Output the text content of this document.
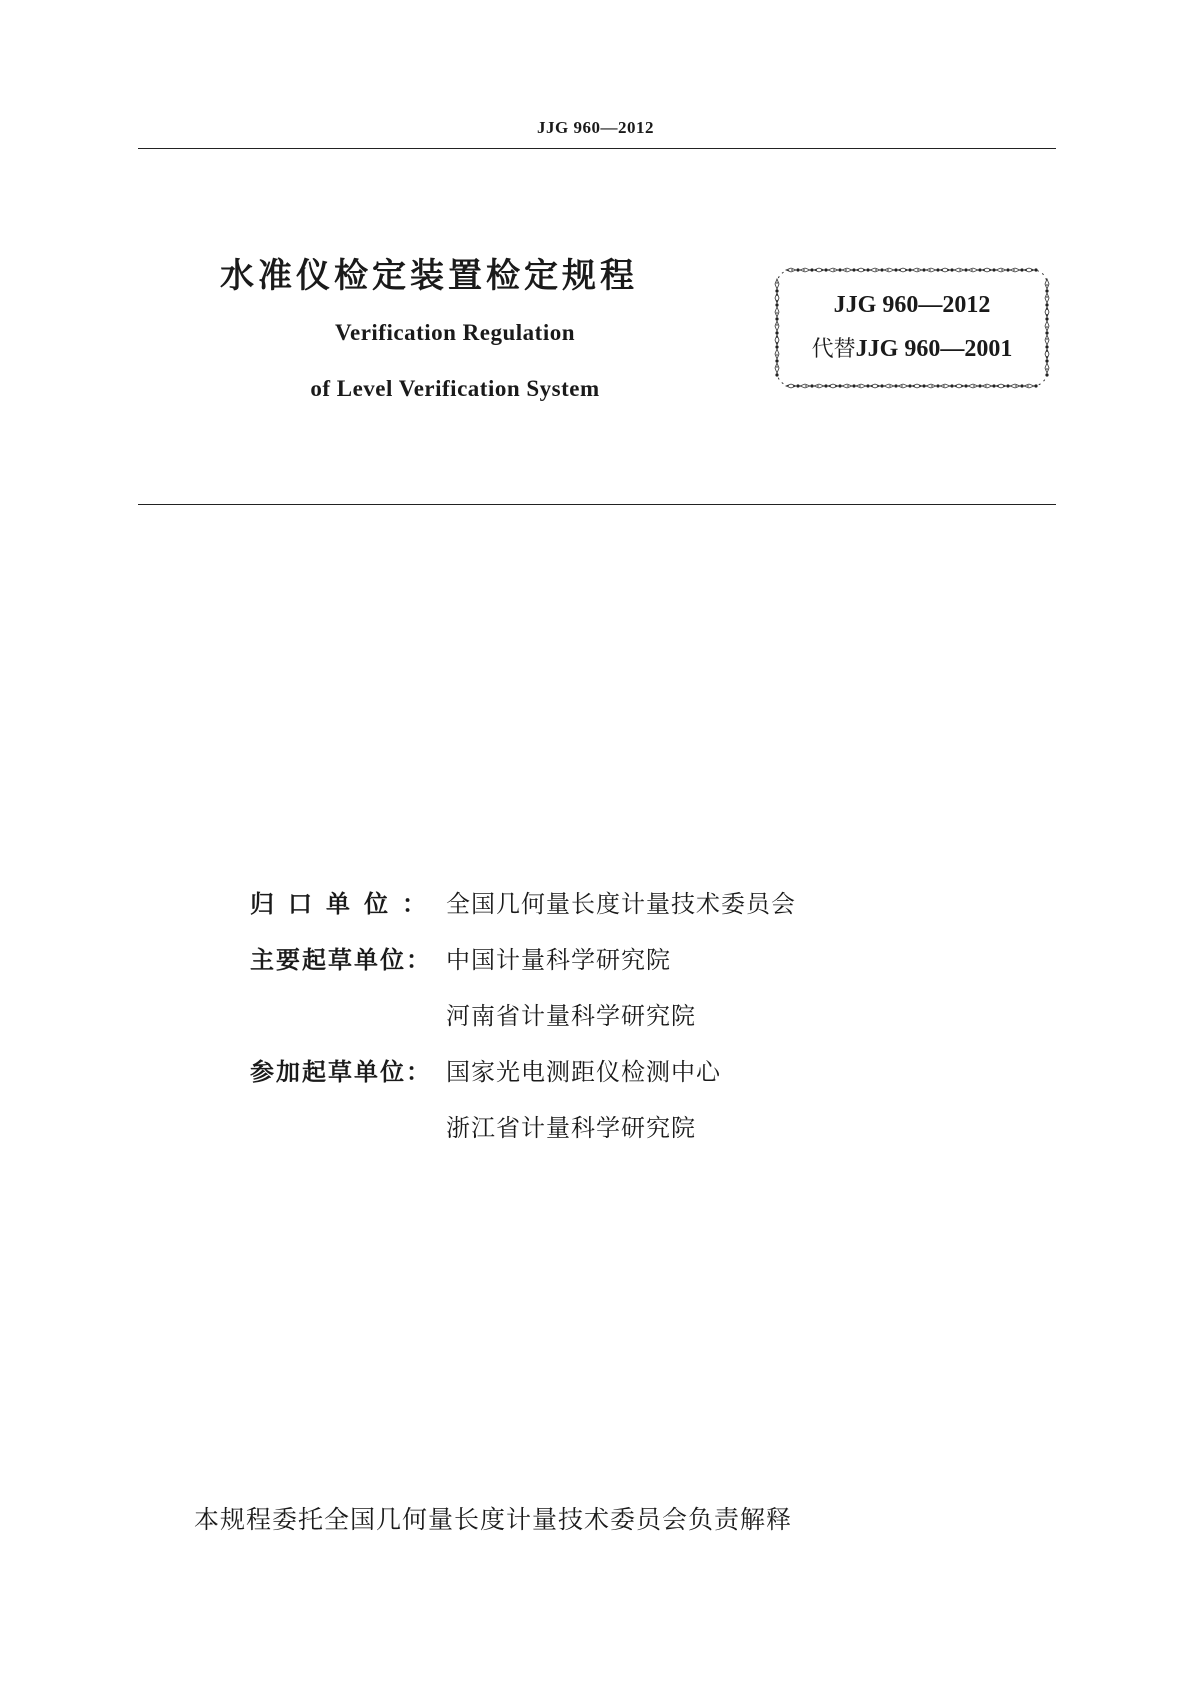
JJG 960—2012
水准仪检定装置检定规程
Verification Regulation
of Level Verification System
JJG 960—2012
代替JJG 960—2001
归 口 单 位 ： 全国几何量长度计量技术委员会
主要起草单位： 中国计量科学研究院
河南省计量科学研究院
参加起草单位： 国家光电测距仪检测中心
浙江省计量科学研究院
本规程委托全国几何量长度计量技术委员会负责解释
